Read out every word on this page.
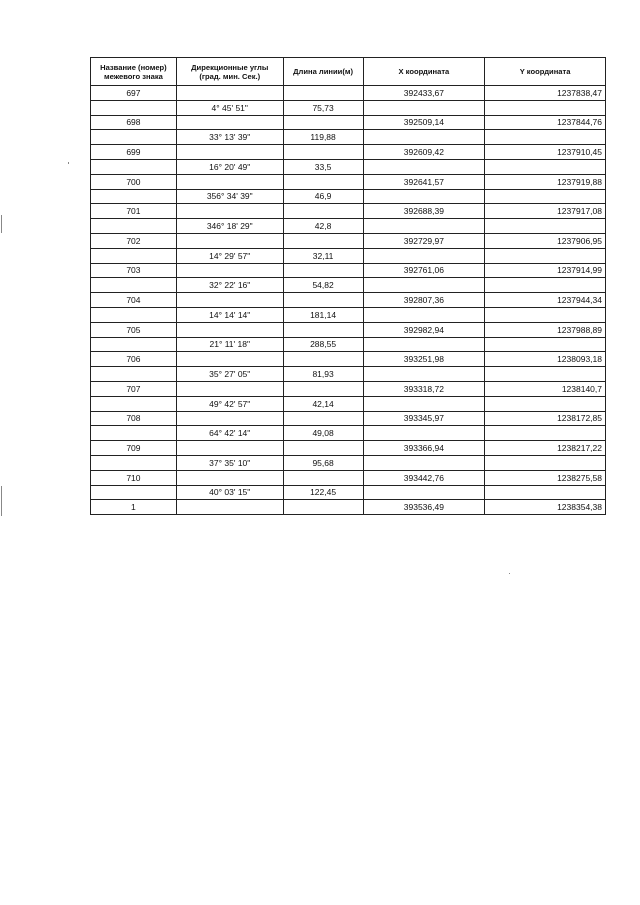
Название (номер) межевого знака	Дирекционные углы (град. мин. Сек.)	Длина линии(м)	X координата	Y координата
697			392433,67	1237838,47
	4° 45' 51"	75,73		
698			392509,14	1237844,76
	33° 13' 39"	119,88		
699			392609,42	1237910,45
	16° 20' 49"	33,5		
700			392641,57	1237919,88
	356° 34' 39"	46,9		
701			392688,39	1237917,08
	346° 18' 29"	42,8		
702			392729,97	1237906,95
	14° 29' 57"	32,11		
703			392761,06	1237914,99
	32° 22' 16"	54,82		
704			392807,36	1237944,34
	14° 14' 14"	181,14		
705			392982,94	1237988,89
	21° 11' 18"	288,55		
706			393251,98	1238093,18
	35° 27' 05"	81,93		
707			393318,72	1238140,7
	49° 42' 57"	42,14		
708			393345,97	1238172,85
	64° 42' 14"	49,08		
709			393366,94	1238217,22
	37° 35' 10"	95,68		
710			393442,76	1238275,58
	40° 03' 15"	122,45		
1			393536,49	1238354,38
